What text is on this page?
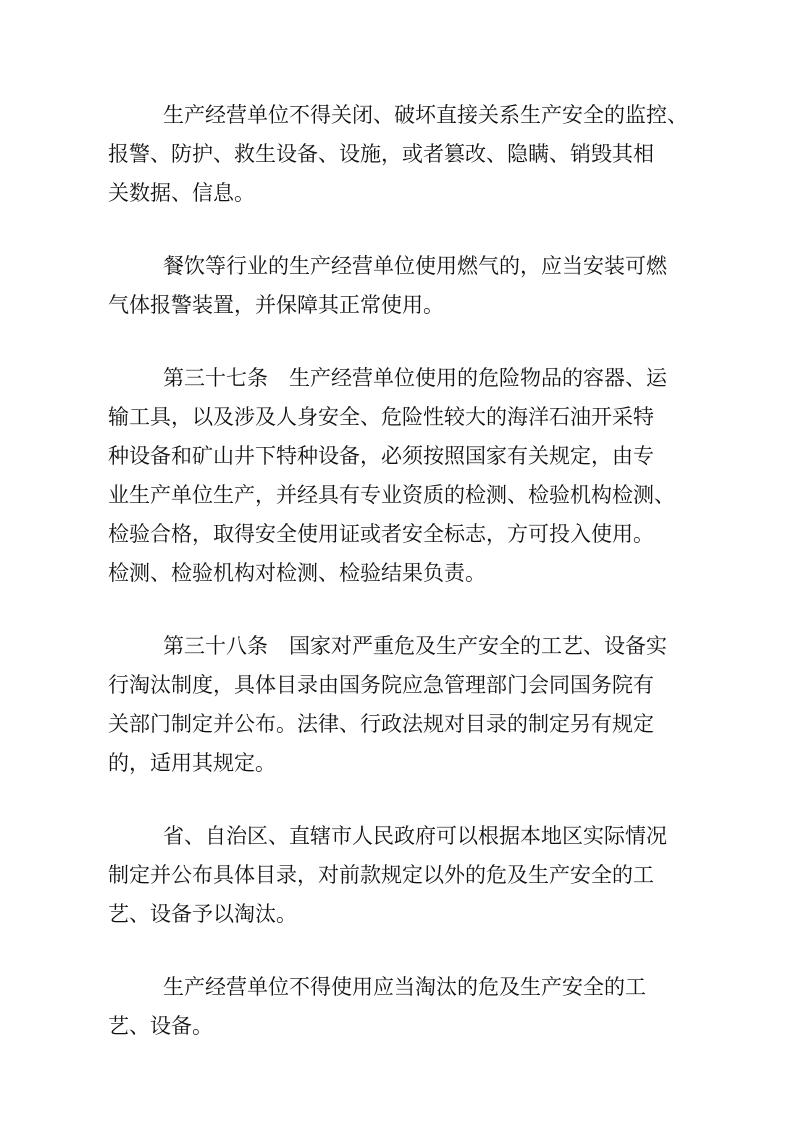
生产经营单位不得关闭、破坏直接关系生产安全的监控、
报警、防护、救生设备、设施，或者篡改、隐瞒、销毁其相
关数据、信息。

餐饮等行业的生产经营单位使用燃气的，应当安装可燃
气体报警装置，并保障其正常使用。

第三十七条　生产经营单位使用的危险物品的容器、运
输工具，以及涉及人身安全、危险性较大的海洋石油开采特
种设备和矿山井下特种设备，必须按照国家有关规定，由专
业生产单位生产，并经具有专业资质的检测、检验机构检测、
检验合格，取得安全使用证或者安全标志，方可投入使用。
检测、检验机构对检测、检验结果负责。

第三十八条　国家对严重危及生产安全的工艺、设备实
行淘汰制度，具体目录由国务院应急管理部门会同国务院有
关部门制定并公布。法律、行政法规对目录的制定另有规定
的，适用其规定。

省、自治区、直辖市人民政府可以根据本地区实际情况
制定并公布具体目录，对前款规定以外的危及生产安全的工
艺、设备予以淘汰。

生产经营单位不得使用应当淘汰的危及生产安全的工
艺、设备。
